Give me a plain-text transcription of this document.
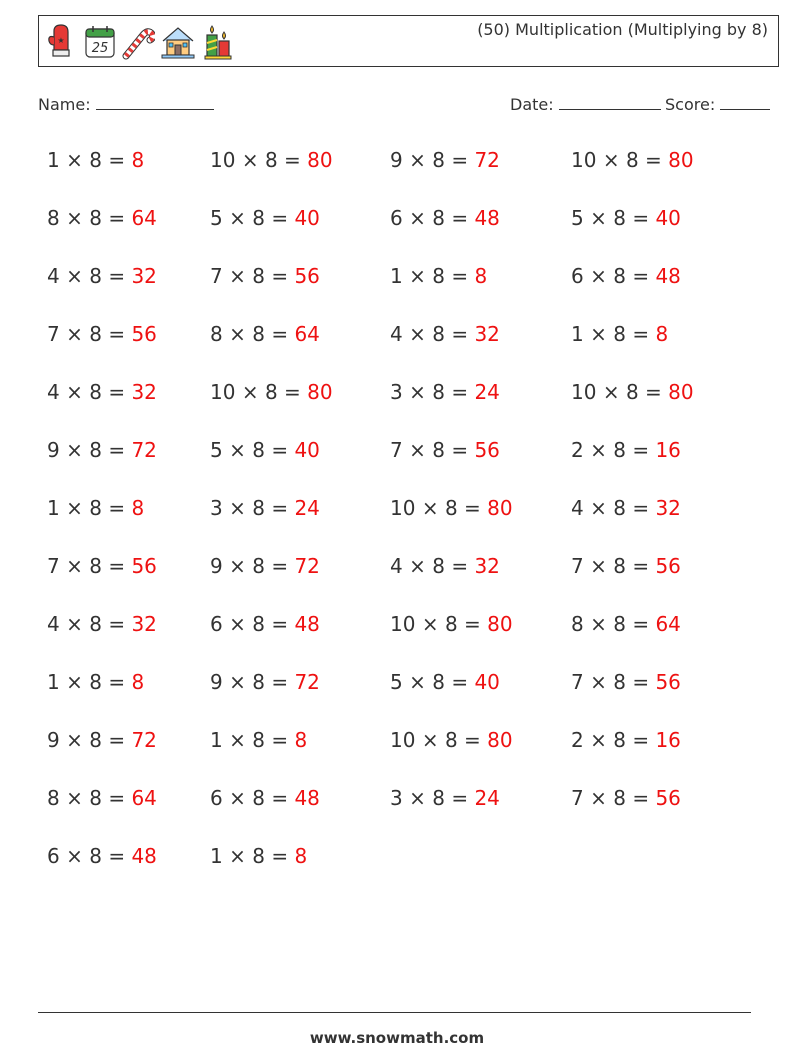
★
25
(50) Multiplication (Multiplying by 8)
Name:	Date:	Score:
1 × 8 = 8
8 × 8 = 64
4 × 8 = 32
7 × 8 = 56
4 × 8 = 32
9 × 8 = 72
1 × 8 = 8
7 × 8 = 56
4 × 8 = 32
1 × 8 = 8
9 × 8 = 72
8 × 8 = 64
6 × 8 = 48
10 × 8 = 80
5 × 8 = 40
7 × 8 = 56
8 × 8 = 64
10 × 8 = 80
5 × 8 = 40
3 × 8 = 24
9 × 8 = 72
6 × 8 = 48
9 × 8 = 72
1 × 8 = 8
6 × 8 = 48
1 × 8 = 8
9 × 8 = 72
6 × 8 = 48
1 × 8 = 8
4 × 8 = 32
3 × 8 = 24
7 × 8 = 56
10 × 8 = 80
4 × 8 = 32
10 × 8 = 80
5 × 8 = 40
10 × 8 = 80
3 × 8 = 24
10 × 8 = 80
5 × 8 = 40
6 × 8 = 48
1 × 8 = 8
10 × 8 = 80
2 × 8 = 16
4 × 8 = 32
7 × 8 = 56
8 × 8 = 64
7 × 8 = 56
2 × 8 = 16
7 × 8 = 56
www.snowmath.com
